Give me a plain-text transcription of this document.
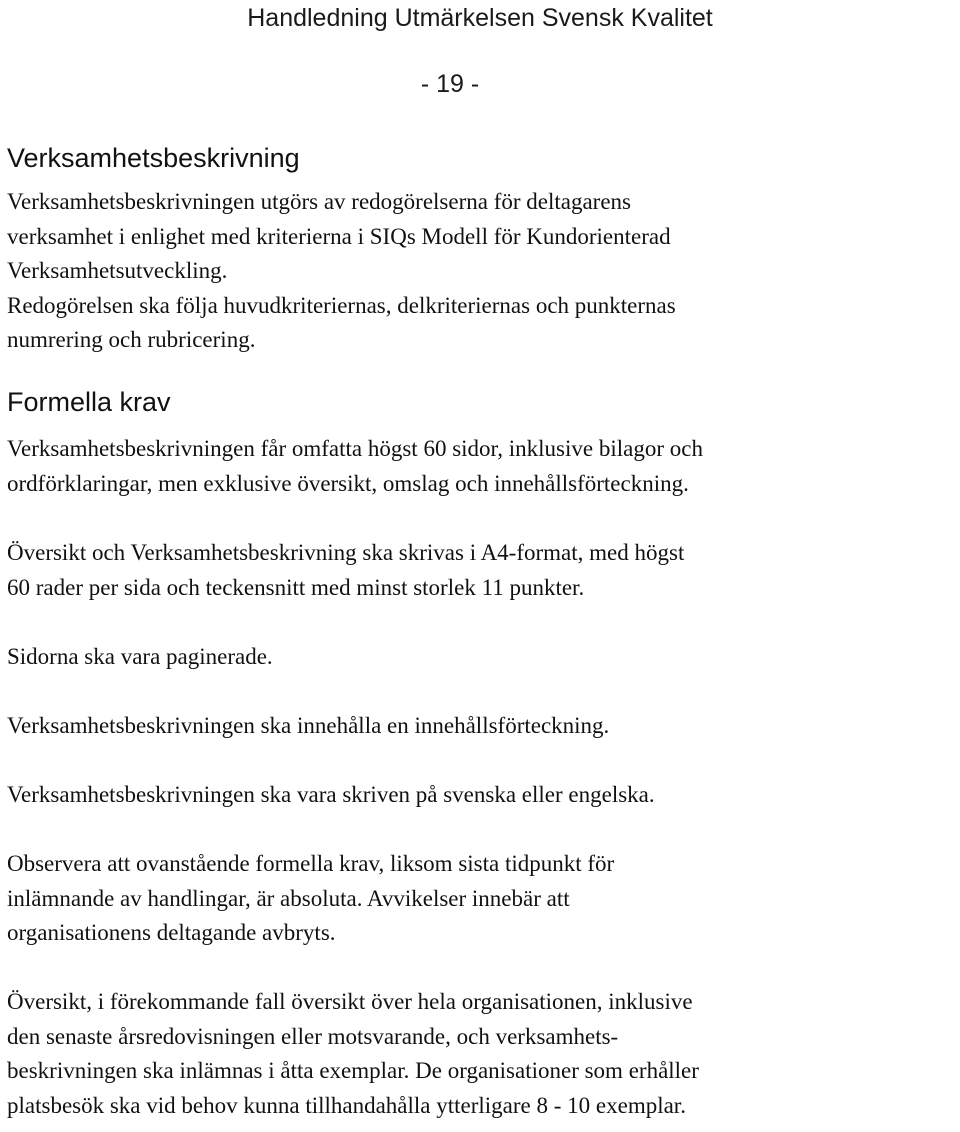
Handledning Utmärkelsen Svensk Kvalitet
- 19 -
Verksamhetsbeskrivning

Verksamhetsbeskrivningen utgörs av redogörelserna för deltagarens
verksamhet i enlighet med kriterierna i SIQs Modell för Kundorienterad
Verksamhetsutveckling.
Redogörelsen ska följa huvudkriteriernas, delkriteriernas och punkternas
numrering och rubricering.

Formella krav

Verksamhetsbeskrivningen får omfatta högst 60 sidor, inklusive bilagor och
ordförklaringar, men exklusive översikt, omslag och innehållsförteckning.

Översikt och Verksamhetsbeskrivning ska skrivas i A4-format, med högst
60 rader per sida och teckensnitt med minst storlek 11 punkter.

Sidorna ska vara paginerade.

Verksamhetsbeskrivningen ska innehålla en innehållsförteckning.

Verksamhetsbeskrivningen ska vara skriven på svenska eller engelska.

Observera att ovanstående formella krav, liksom sista tidpunkt för
inlämnande av handlingar, är absoluta. Avvikelser innebär att
organisationens deltagande avbryts.

Översikt, i förekommande fall översikt över hela organisationen, inklusive
den senaste årsredovisningen eller motsvarande, och verksamhets-
beskrivningen ska inlämnas i åtta exemplar. De organisationer som erhåller
platsbesök ska vid behov kunna tillhandahålla ytterligare 8 - 10 exemplar.
